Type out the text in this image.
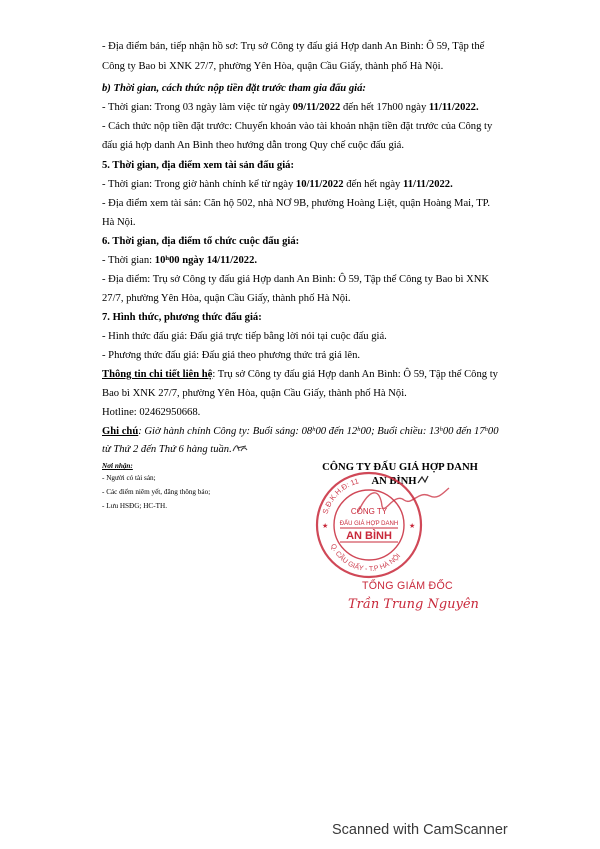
- Địa điểm bán, tiếp nhận hồ sơ: Trụ sở Công ty đấu giá Hợp danh An Bình: Ô 59, Tập thể
Công ty Bao bì XNK 27/7, phường Yên Hòa, quận Cầu Giấy, thành phố Hà Nội.
b) Thời gian, cách thức nộp tiền đặt trước tham gia đấu giá:
- Thời gian: Trong 03 ngày làm việc từ ngày 09/11/2022 đến hết 17h00 ngày 11/11/2022.
- Cách thức nộp tiền đặt trước: Chuyển khoản vào tài khoản nhận tiền đặt trước của Công ty
đấu giá hợp danh An Bình theo hướng dẫn trong Quy chế cuộc đấu giá.
5. Thời gian, địa điểm xem tài sản đấu giá:
- Thời gian: Trong giờ hành chính kể từ ngày 10/11/2022 đến hết ngày 11/11/2022.
- Địa điểm xem tài sản: Căn hộ 502, nhà NƠ 9B, phường Hoàng Liệt, quận Hoàng Mai, TP.
Hà Nội.
6. Thời gian, địa điểm tổ chức cuộc đấu giá:
- Thời gian: 10$^h$00 ngày 14/11/2022.
- Địa điểm: Trụ sở Công ty đấu giá Hợp danh An Bình: Ô 59, Tập thể Công ty Bao bì XNK
27/7, phường Yên Hòa, quận Cầu Giấy, thành phố Hà Nội.
7. Hình thức, phương thức đấu giá:
- Hình thức đấu giá: Đấu giá trực tiếp bằng lời nói tại cuộc đấu giá.
- Phương thức đấu giá: Đấu giá theo phương thức trả giá lên.
Thông tin chi tiết liên hệ: Trụ sở Công ty đấu giá Hợp danh An Bình: Ô 59, Tập thể Công ty
Bao bì XNK 27/7, phường Yên Hòa, quận Cầu Giấy, thành phố Hà Nội.
Hotline: 02462950668.
Ghi chú: Giờ hành chính Công ty: Buổi sáng: 08$^h$00 đến 12$^h$00; Buổi chiều: 13$^h$00 đến 17$^h$00
từ Thứ 2 đến Thứ 6 hàng tuần.
Nơi nhận:
- Người có tài sản;
- Các điểm niêm yết, đăng thông báo;
- Lưu HSĐG; HC-TH.
CÔNG TY ĐẤU GIÁ HỢP DANH
AN BÌNH
S.Đ.K.H.Đ: 11
Q. CẦU GIẤY - T.P HÀ NỘI
CÔNG TY
ĐẤU GIÁ HỢP DANH
AN BÌNH
★	★
TỔNG GIÁM ĐỐC
Trần Trung Nguyên
Scanned with CamScanner
